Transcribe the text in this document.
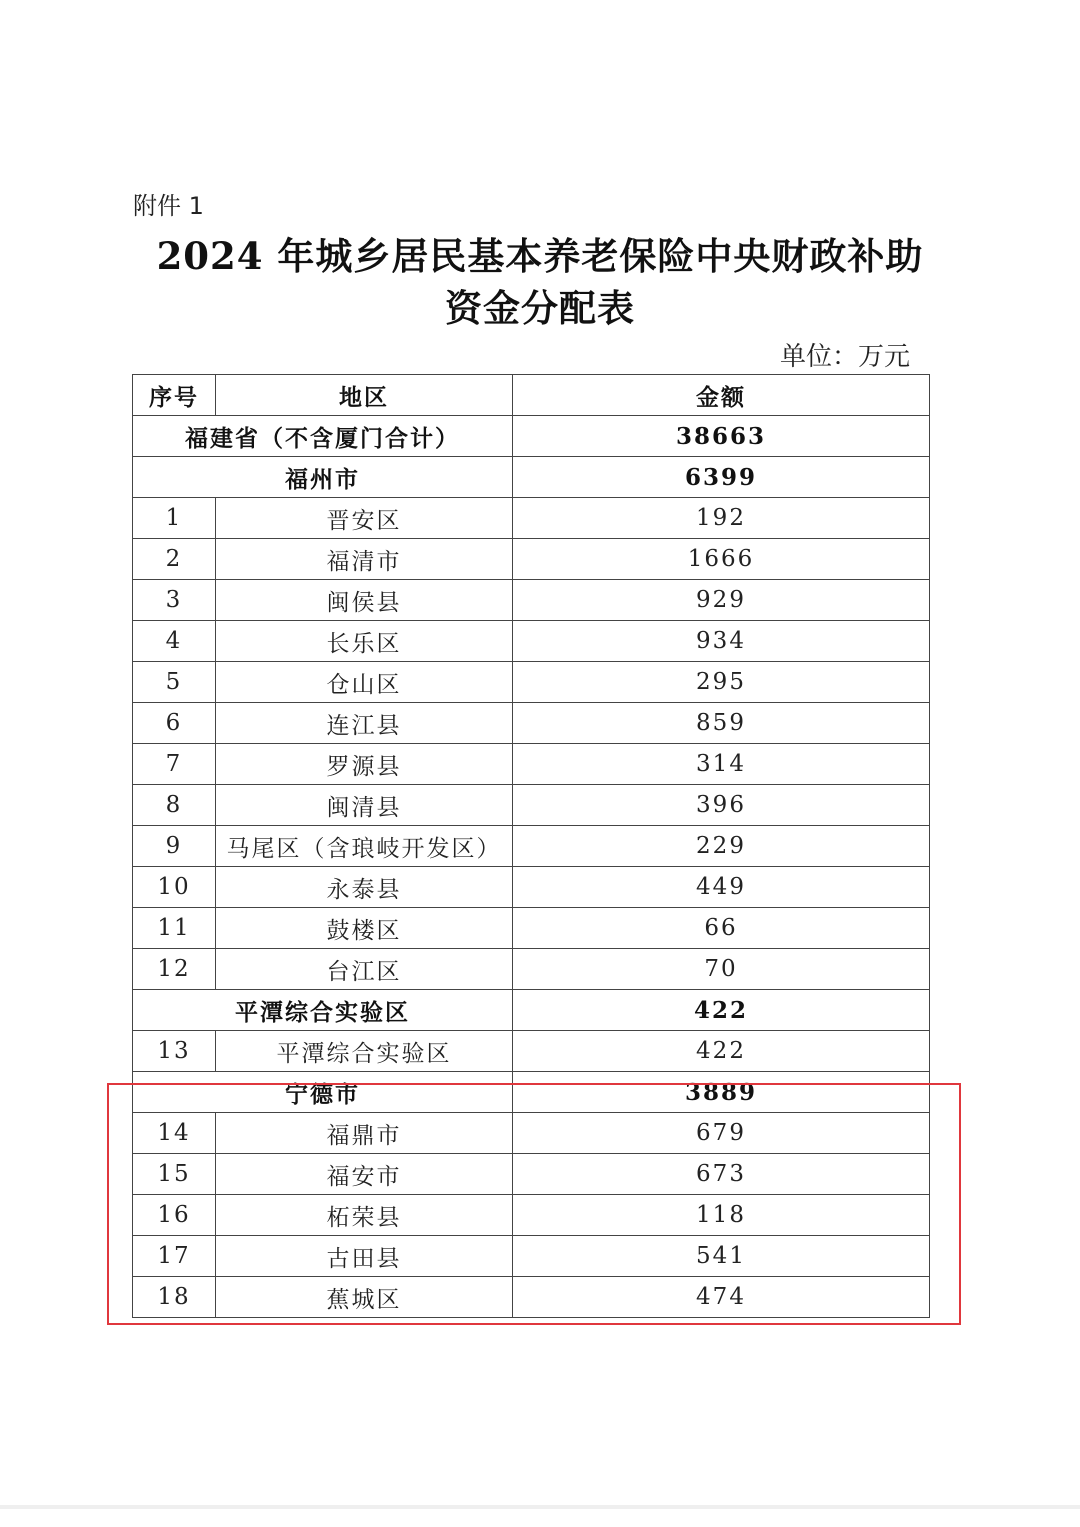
附件 1
2024 年城乡居民基本养老保险中央财政补助
资金分配表
单位：万元
序号	地区	金额
福建省（不含厦门合计）		38663
福州市		6399
1	晋安区	192
2	福清市	1666
3	闽侯县	929
4	长乐区	934
5	仓山区	295
6	连江县	859
7	罗源县	314
8	闽清县	396
9	马尾区（含琅岐开发区）	229
10	永泰县	449
11	鼓楼区	66
12	台江区	70
平潭综合实验区		422
13	平潭综合实验区	422
宁德市		3889
14	福鼎市	679
15	福安市	673
16	柘荣县	118
17	古田县	541
18	蕉城区	474
